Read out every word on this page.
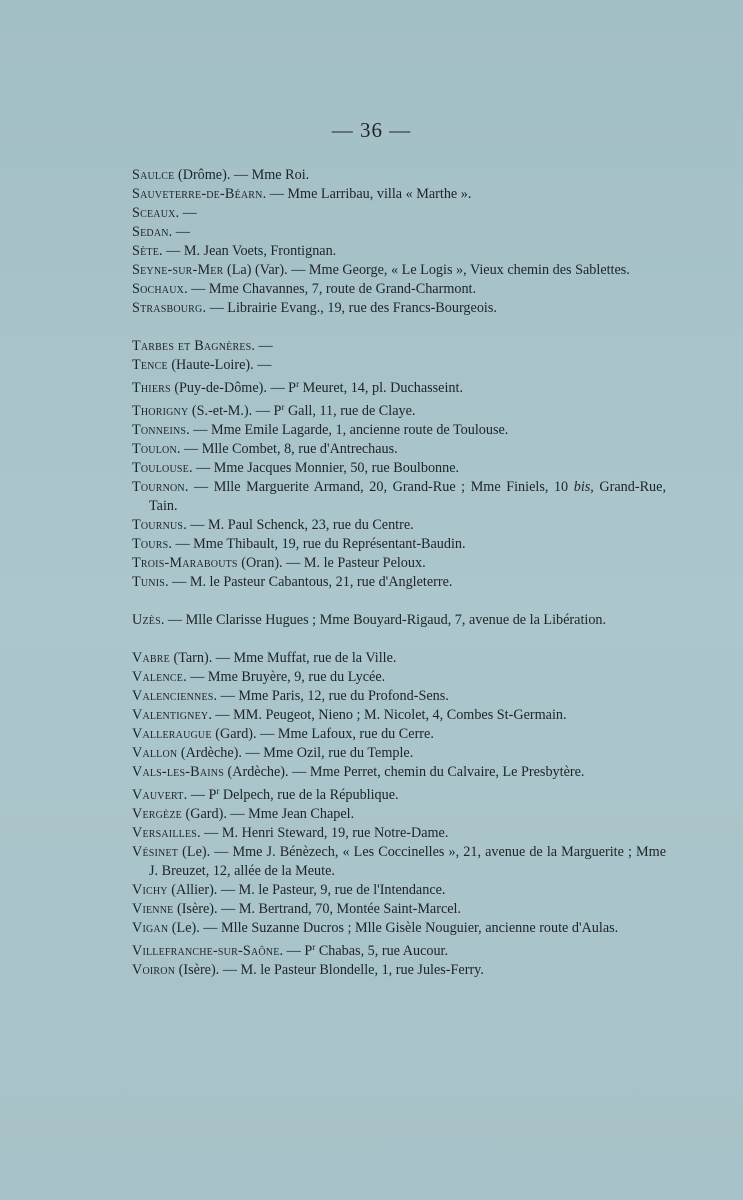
— 36 —
Saulce (Drôme). — Mme Roi.
Sauveterre-de-Béarn. — Mme Larribau, villa « Marthe ».
Sceaux. —
Sedan. —
Sète. — M. Jean Voets, Frontignan.
Seyne-sur-Mer (La) (Var). — Mme George, « Le Logis », Vieux chemin des Sablettes.
Sochaux. — Mme Chavannes, 7, route de Grand-Charmont.
Strasbourg. — Librairie Evang., 19, rue des Francs-Bourgeois.
Tarbes et Bagnères. —
Tence (Haute-Loire). —
Thiers (Puy-de-Dôme). — $P^r$ Meuret, 14, pl. Duchasseint.
Thorigny (S.-et-M.). — $P^r$ Gall, 11, rue de Claye.
Tonneins. — Mme Emile Lagarde, 1, ancienne route de Toulouse.
Toulon. — Mlle Combet, 8, rue d'Antrechaus.
Toulouse. — Mme Jacques Monnier, 50, rue Boulbonne.
Tournon. — Mlle Marguerite Armand, 20, Grand-Rue ; Mme Finiels, 10 bis, Grand-Rue, Tain.
Tournus. — M. Paul Schenck, 23, rue du Centre.
Tours. — Mme Thibault, 19, rue du Représentant-Baudin.
Trois-Marabouts (Oran). — M. le Pasteur Peloux.
Tunis. — M. le Pasteur Cabantous, 21, rue d'Angleterre.
Uzès. — Mlle Clarisse Hugues ; Mme Bouyard-Rigaud, 7, avenue de la Libération.
Vabre (Tarn). — Mme Muffat, rue de la Ville.
Valence. — Mme Bruyère, 9, rue du Lycée.
Valenciennes. — Mme Paris, 12, rue du Profond-Sens.
Valentigney. — MM. Peugeot, Nieno ; M. Nicolet, 4, Combes St-Germain.
Valleraugue (Gard). — Mme Lafoux, rue du Cerre.
Vallon (Ardèche). — Mme Ozil, rue du Temple.
Vals-les-Bains (Ardèche). — Mme Perret, chemin du Calvaire, Le Presbytère.
Vauvert. — $P^r$ Delpech, rue de la République.
Vergèze (Gard). — Mme Jean Chapel.
Versailles. — M. Henri Steward, 19, rue Notre-Dame.
Vésinet (Le). — Mme J. Bénèzech, « Les Coccinelles », 21, avenue de la Marguerite ; Mme J. Breuzet, 12, allée de la Meute.
Vichy (Allier). — M. le Pasteur, 9, rue de l'Intendance.
Vienne (Isère). — M. Bertrand, 70, Montée Saint-Marcel.
Vigan (Le). — Mlle Suzanne Ducros ; Mlle Gisèle Nouguier, ancienne route d'Aulas.
Villefranche-sur-Saône. — $P^r$ Chabas, 5, rue Aucour.
Voiron (Isère). — M. le Pasteur Blondelle, 1, rue Jules-Ferry.
